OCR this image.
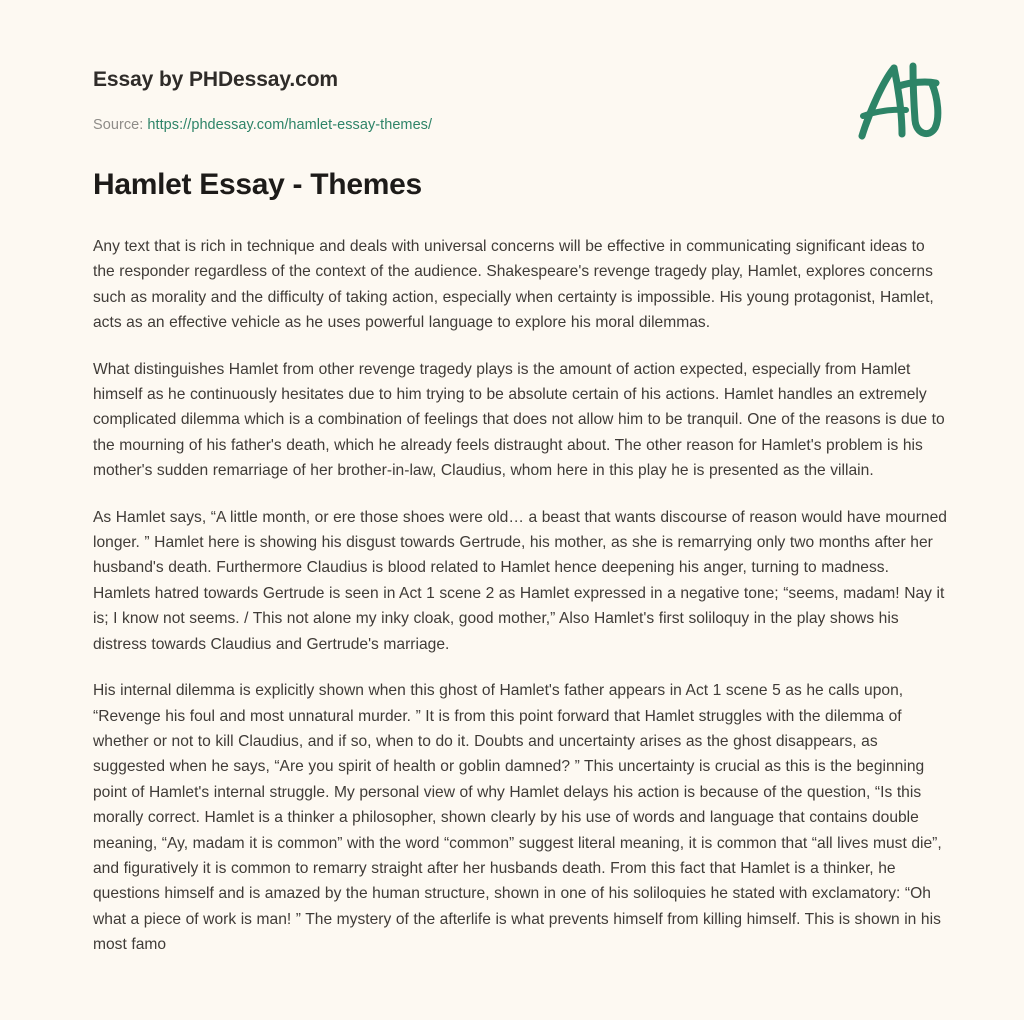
Essay by PHDessay.com
Source: https://phdessay.com/hamlet-essay-themes/
Hamlet Essay - Themes

Any text that is rich in technique and deals with universal concerns will be effective in communicating significant ideas to the responder regardless of the context of the audience. Shakespeare's revenge tragedy play, Hamlet, explores concerns such as morality and the difficulty of taking action, especially when certainty is impossible. His young protagonist, Hamlet, acts as an effective vehicle as he uses powerful language to explore his moral dilemmas.

What distinguishes Hamlet from other revenge tragedy plays is the amount of action expected, especially from Hamlet himself as he continuously hesitates due to him trying to be absolute certain of his actions. Hamlet handles an extremely complicated dilemma which is a combination of feelings that does not allow him to be tranquil. One of the reasons is due to the mourning of his father's death, which he already feels distraught about. The other reason for Hamlet's problem is his mother's sudden remarriage of her brother-in-law, Claudius, whom here in this play he is presented as the villain.

As Hamlet says, “A little month, or ere those shoes were old… a beast that wants discourse of reason would have mourned longer. ” Hamlet here is showing his disgust towards Gertrude, his mother, as she is remarrying only two months after her husband's death. Furthermore Claudius is blood related to Hamlet hence deepening his anger, turning to madness. Hamlets hatred towards Gertrude is seen in Act 1 scene 2 as Hamlet expressed in a negative tone; “seems, madam! Nay it is; I know not seems. / This not alone my inky cloak, good mother,” Also Hamlet's first soliloquy in the play shows his distress towards Claudius and Gertrude's marriage.

His internal dilemma is explicitly shown when this ghost of Hamlet's father appears in Act 1 scene 5 as he calls upon, “Revenge his foul and most unnatural murder. ” It is from this point forward that Hamlet struggles with the dilemma of whether or not to kill Claudius, and if so, when to do it. Doubts and uncertainty arises as the ghost disappears, as suggested when he says, “Are you spirit of health or goblin damned? ” This uncertainty is crucial as this is the beginning point of Hamlet's internal struggle. My personal view of why Hamlet delays his action is because of the question, “Is this morally correct. Hamlet is a thinker a philosopher, shown clearly by his use of words and language that contains double meaning, “Ay, madam it is common” with the word “common” suggest literal meaning, it is common that “all lives must die”, and figuratively it is common to remarry straight after her husbands death. From this fact that Hamlet is a thinker, he questions himself and is amazed by the human structure, shown in one of his soliloquies he stated with exclamatory: “Oh what a piece of work is man! ” The mystery of the afterlife is what prevents himself from killing himself. This is shown in his most famo
